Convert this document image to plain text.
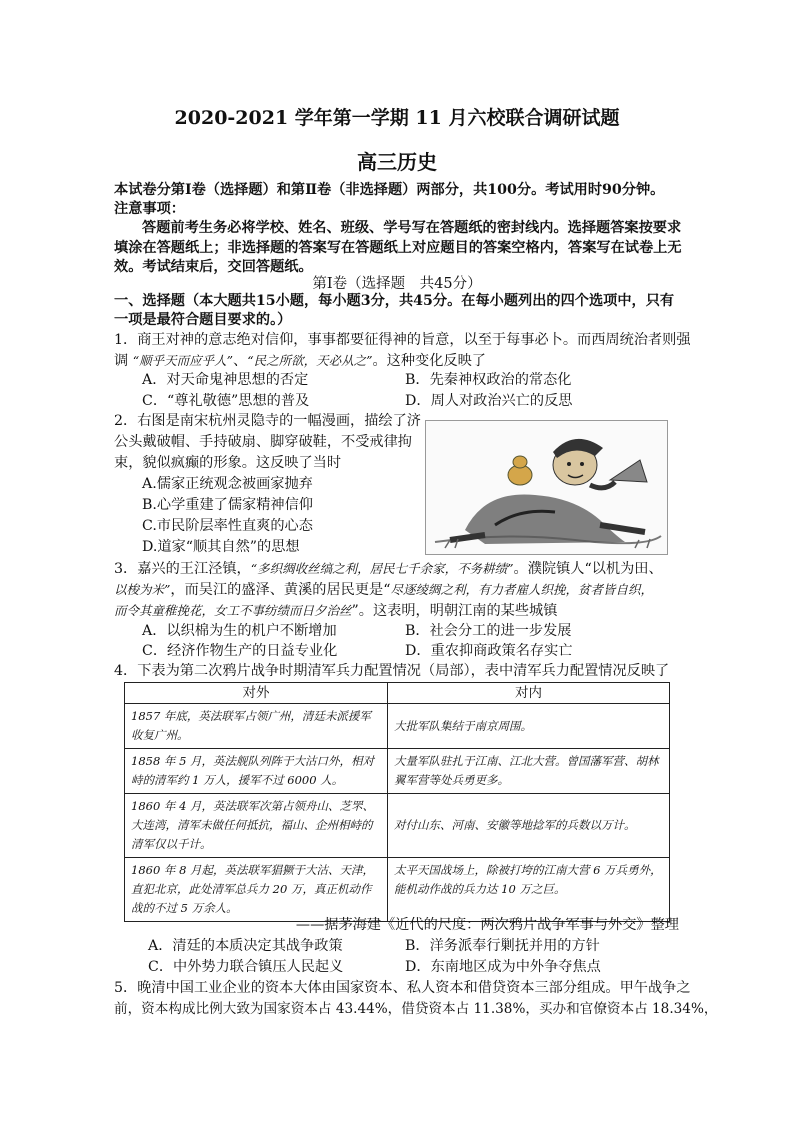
2020-2021 学年第一学期 11 月六校联合调研试题
高三历史
本试卷分第Ⅰ卷（选择题）和第Ⅱ卷（非选择题）两部分，共100分。考试用时90分钟。
注意事项：
答题前考生务必将学校、姓名、班级、学号写在答题纸的密封线内。选择题答案按要求
填涂在答题纸上；非选择题的答案写在答题纸上对应题目的答案空格内，答案写在试卷上无
效。考试结束后，交回答题纸。
第Ⅰ卷（选择题　共45分）
一、选择题（本大题共15小题，每小题3分，共45分。在每小题列出的四个选项中，只有
一项是最符合题目要求的。）
1．商王对神的意志绝对信仰，事事都要征得神的旨意，以至于每事必卜。而西周统治者则强
调 “顺乎天而应乎人”、“民之所欲，天必从之”。这种变化反映了
A．对天命鬼神思想的否定	B．先秦神权政治的常态化
C．“尊礼敬德”思想的普及	D．周人对政治兴亡的反思
2．右图是南宋杭州灵隐寺的一幅漫画，描绘了济
公头戴破帽、手持破扇、脚穿破鞋，不受戒律拘
束，貌似疯癫的形象。这反映了当时
A.儒家正统观念被画家抛弃
B.心学重建了儒家精神信仰
C.市民阶层率性直爽的心态
D.道家“顺其自然”的思想
3．嘉兴的王江泾镇，“多织绸收丝缟之利，居民七千余家，不务耕绩”。濮院镇人“以机为田、
以梭为米”，而吴江的盛泽、黄溪的居民更是“尽逐绫绸之利，有力者雇人织挽，贫者皆自织，
而令其童稚挽花，女工不事纺绩而日夕治丝”。这表明，明朝江南的某些城镇
A．以织棉为生的机户不断增加	B．社会分工的进一步发展
C．经济作物生产的日益专业化	D．重农抑商政策名存实亡
4．下表为第二次鸦片战争时期清军兵力配置情况（局部），表中清军兵力配置情况反映了
对外	对内
1857 年底，英法联军占领广州，清廷未派援军收复广州。	大批军队集结于南京周围。
1858 年 5 月，英法舰队列阵于大沽口外，相对峙的清军约 1 万人，援军不过 6000 人。	大量军队驻扎于江南、江北大营。曾国藩军营、胡林翼军营等处兵勇更多。
1860 年 4 月，英法联军次第占领舟山、芝罘、大连湾，清军未做任何抵抗，福山、企州相峙的清军仅以千计。	对付山东、河南、安徽等地捻军的兵数以万计。
1860 年 8 月起，英法联军猖獗于大沽、天津，直犯北京，此处清军总兵力 20 万，真正机动作战的不过 5 万余人。	太平天国战场上，除被打垮的江南大营 6 万兵勇外，能机动作战的兵力达 10 万之巨。
——据茅海建《近代的尺度：两次鸦片战争军事与外交》整理
A．清廷的本质决定其战争政策	B．洋务派奉行剿抚并用的方针
C．中外势力联合镇压人民起义	D．东南地区成为中外争夺焦点
5．晚清中国工业企业的资本大体由国家资本、私人资本和借贷资本三部分组成。甲午战争之
前，资本构成比例大致为国家资本占 43.44%，借贷资本占 11.38%，买办和官僚资本占 18.34%，
